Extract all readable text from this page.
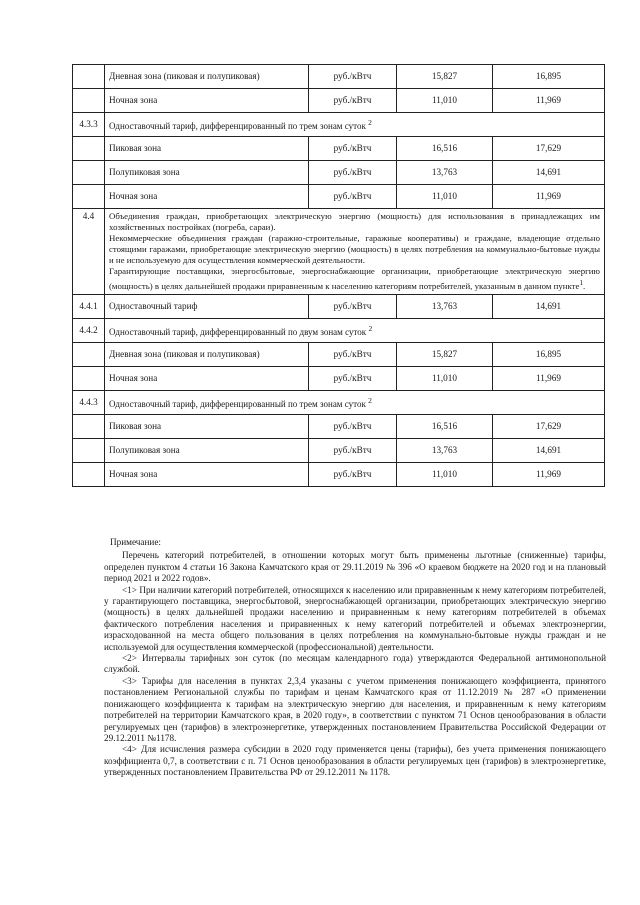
	Дневная зона (пиковая и полупиковая)	руб./кВтч	15,827	16,895
	Ночная зона	руб./кВтч	11,010	11,969
4.3.3	Одноставочный тариф, дифференцированный по трем зонам суток $^2$
	Пиковая зона	руб./кВтч	16,516	17,629
	Полупиковая зона	руб./кВтч	13,763	14,691
	Ночная зона	руб./кВтч	11,010	11,969
4.4	Объединения граждан, приобретающих электрическую энергию (мощность) для использования в принадлежащих им хозяйственных постройках (погреба, сараи).
Некоммерческие объединения граждан (гаражно-строительные, гаражные кооперативы) и граждане, владеющие отдельно стоящими гаражами, приобретающие электрическую энергию (мощность) в целях потребления на коммунально-бытовые нужды и не используемую для осуществления коммерческой деятельности.
Гарантирующие поставщики, энергосбытовые, энергоснабжающие организации, приобретающие электрическую энергию (мощность) в целях дальнейшей продажи приравненным к населению категориям потребителей, указанным в данном пункте$^1$.			

4.4.1	Одноставочный тариф	руб./кВтч	13,763	14,691
4.4.2	Одноставочный тариф, дифференцированный по двум зонам суток $^2$
	Дневная зона (пиковая и полупиковая)	руб./кВтч	15,827	16,895
	Ночная зона	руб./кВтч	11,010	11,969
4.4.3	Одноставочный тариф, дифференцированный по трем зонам суток $^2$
	Пиковая зона	руб./кВтч	16,516	17,629
	Полупиковая зона	руб./кВтч	13,763	14,691
	Ночная зона	руб./кВтч	11,010	11,969

Примечание:

Перечень категорий потребителей, в отношении которых могут быть применены льготные (сниженные) тарифы, определен пунктом 4 статьи 16 Закона Камчатского края от 29.11.2019 № 396 «О краевом бюджете на 2020 год и на плановый период 2021 и 2022 годов».

<1> При наличии категорий потребителей, относящихся к населению или приравненным к нему категориям потребителей, у гарантирующего поставщика, энергосбытовой, энергоснабжающей организации, приобретающих электрическую энергию (мощность) в целях дальнейшей продажи населению и приравненным к нему категориям потребителей в объемах фактического потребления населения и приравненных к нему категорий потребителей и объемах электроэнергии, израсходованной на места общего пользования в целях потребления на коммунально-бытовые нужды граждан и не используемой для осуществления коммерческой (профессиональной) деятельности.

<2> Интервалы тарифных зон суток (по месяцам календарного года) утверждаются Федеральной антимонопольной службой.

<3> Тарифы для населения в пунктах 2,3,4 указаны с учетом применения понижающего коэффициента, принятого постановлением Региональной службы по тарифам и ценам Камчатского края от 11.12.2019 № 287 «О применении понижающего коэффициента к тарифам на электрическую энергию для населения, и приравненным к нему категориям потребителей на территории Камчатского края, в 2020 году», в соответствии с пунктом 71 Основ ценообразования в области регулируемых цен (тарифов) в электроэнергетике, утвержденных постановлением Правительства Российской Федерации от 29.12.2011 №1178.

<4> Для исчисления размера субсидии в 2020 году применяется цены (тарифы), без учета применения понижающего коэффициента 0,7, в соответствии с п. 71 Основ ценообразования в области регулируемых цен (тарифов) в электроэнергетике, утвержденных постановлением Правительства РФ от 29.12.2011 № 1178.
